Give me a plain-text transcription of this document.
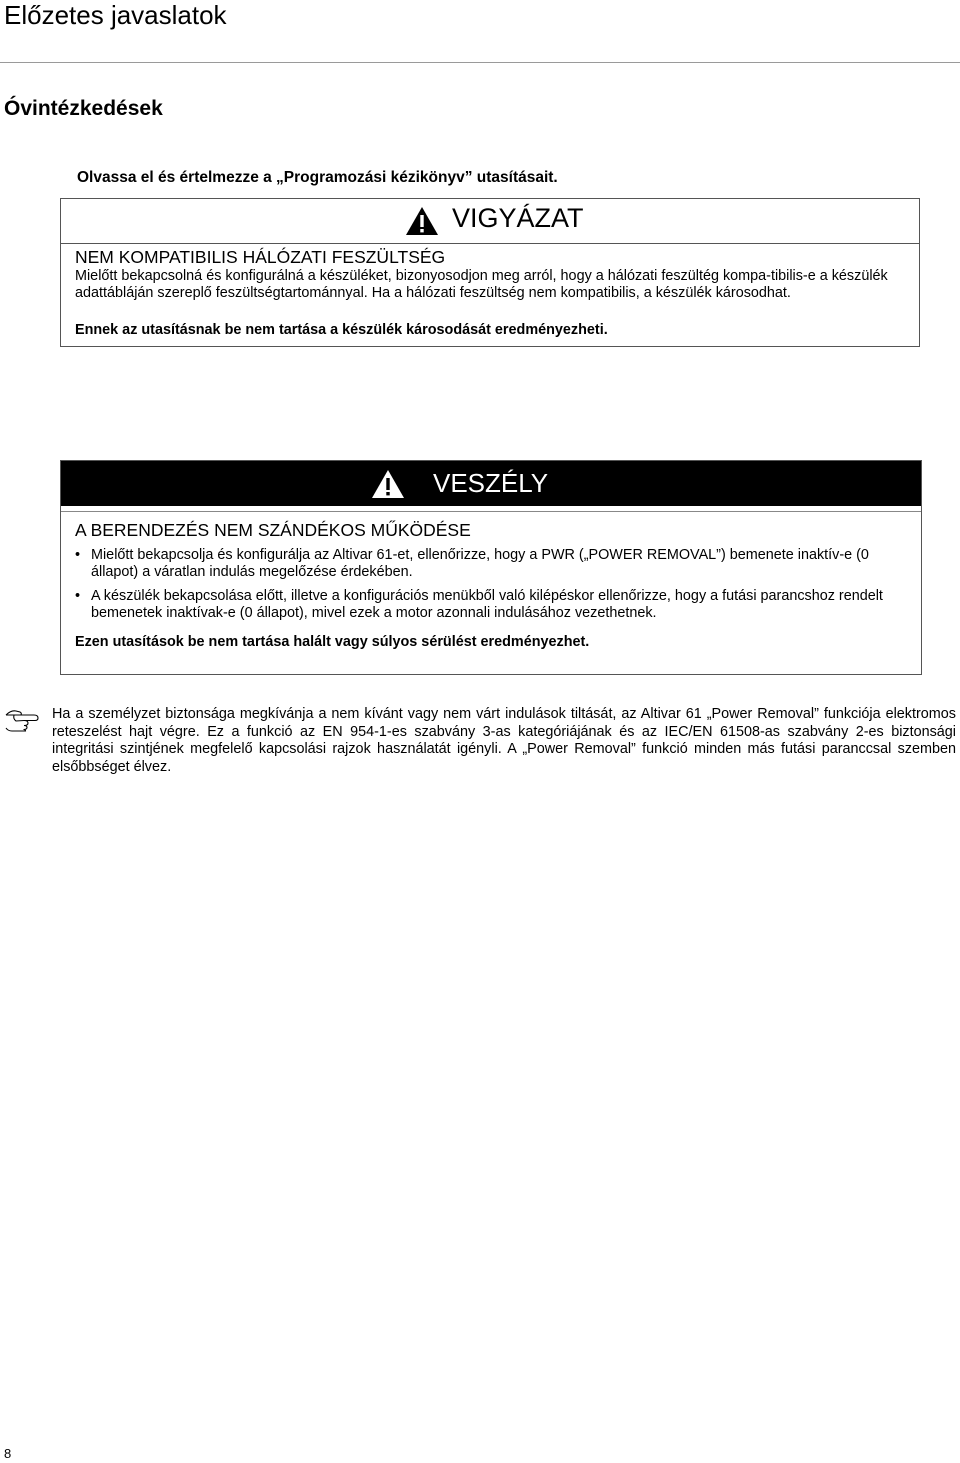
Előzetes javaslatok
Óvintézkedések
Olvassa el és értelmezze a „Programozási kézikönyv” utasításait.
VIGYÁZAT
NEM KOMPATIBILIS HÁLÓZATI FESZÜLTSÉG
Mielőtt bekapcsolná és konfigurálná a készüléket, bizonyosodjon meg arról, hogy a hálózati feszültég kompa-tibilis-e a készülék adattábláján szereplő feszültségtartománnyal. Ha a hálózati feszültség nem kompatibilis, a készülék károsodhat.
Ennek az utasításnak be nem tartása a készülék károsodását eredményezheti.
VESZÉLY
A BERENDEZÉS NEM SZÁNDÉKOS MŰKÖDÉSE
• Mielőtt bekapcsolja és konfigurálja az Altivar 61-et, ellenőrizze, hogy a PWR („POWER REMOVAL”) bemenete inaktív-e (0 állapot) a váratlan indulás megelőzése érdekében.
• A készülék bekapcsolása előtt, illetve a konfigurációs menükből való kilépéskor ellenőrizze, hogy a futási parancshoz rendelt bemenetek inaktívak-e (0 állapot), mivel ezek a motor azonnali indulásához vezethetnek.
Ezen utasítások be nem tartása halált vagy súlyos sérülést eredményezhet.
Ha a személyzet biztonsága megkívánja a nem kívánt vagy nem várt indulások tiltását, az Altivar 61 „Power Removal” funkciója elektromos reteszelést hajt végre. Ez a funkció az EN 954-1-es szabvány 3-as kategóriájának és az IEC/EN 61508-as szabvány 2-es biztonsági integritási szintjének megfelelő kapcsolási rajzok használatát igényli. A „Power Removal” funkció minden más futási paranccsal szemben elsőbbséget élvez.
8
